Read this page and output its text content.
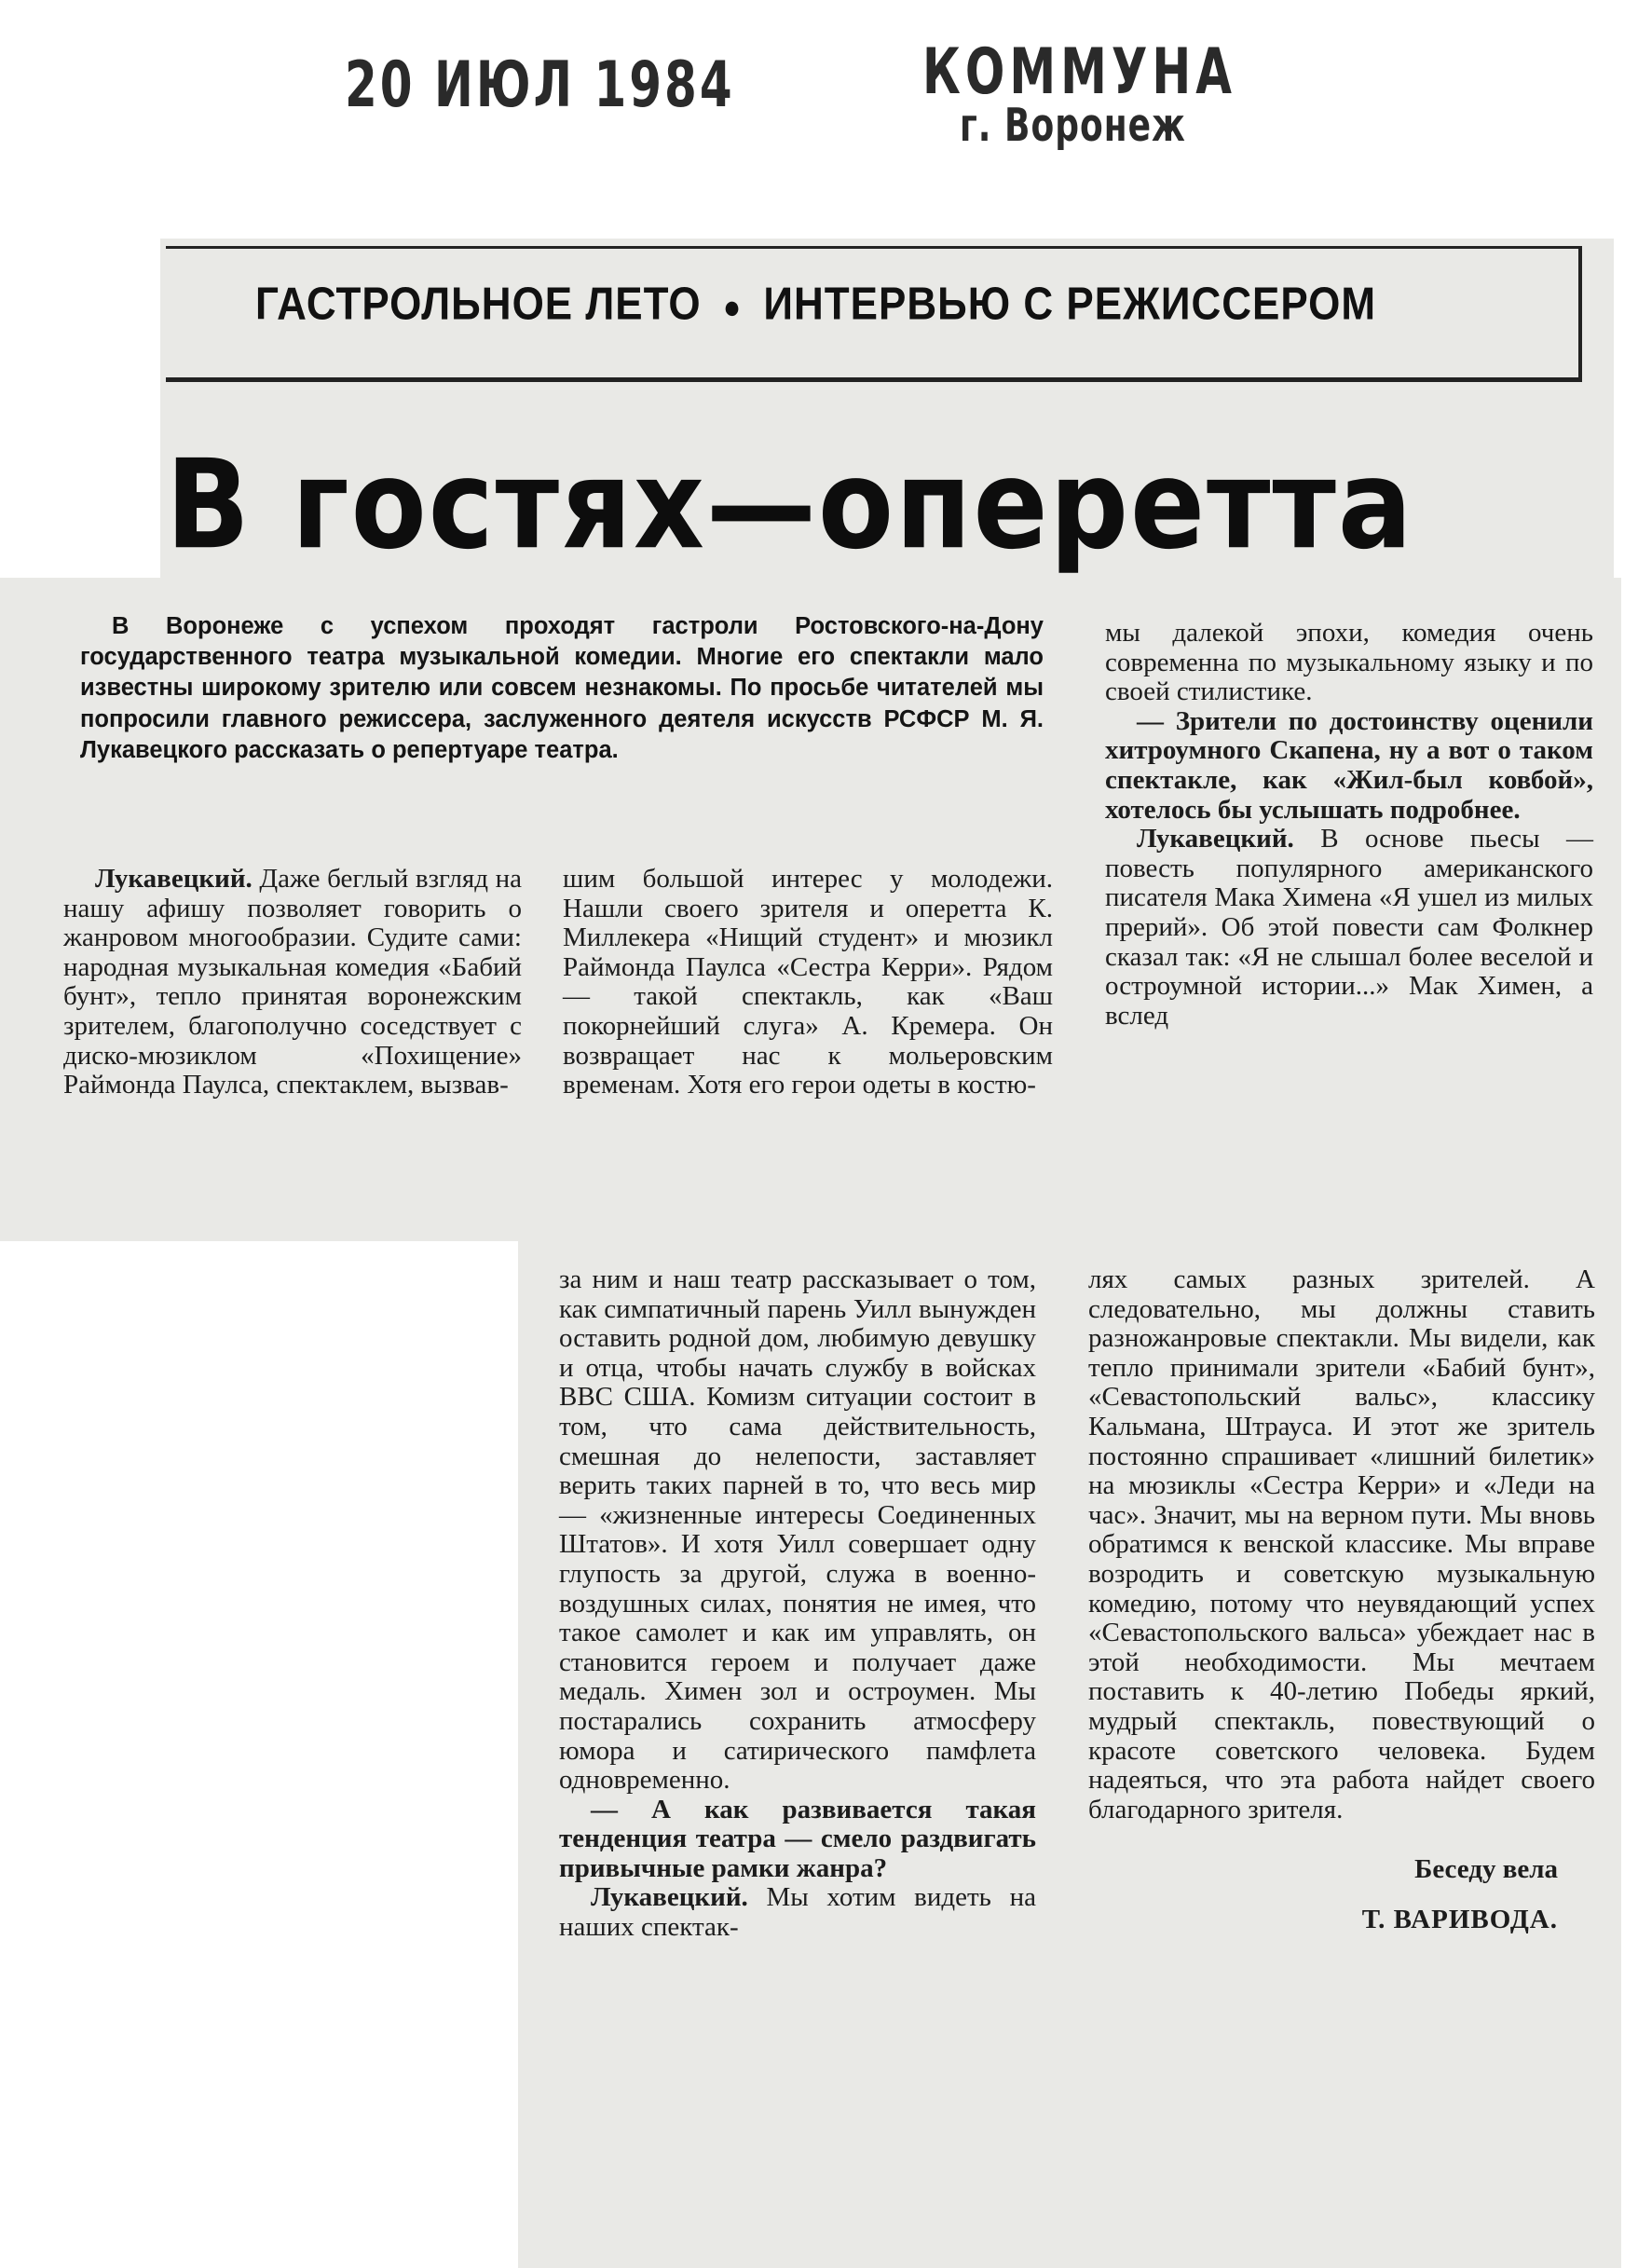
20 ИЮЛ 1984	КОММУНА
г. Воронеж
ГАСТРОЛЬНОЕ ЛЕТО ● ИНТЕРВЬЮ С РЕЖИССЕРОМ
В гостях—оперетта

В Воронеже с успехом проходят гастроли Ростовского-на-Дону государственного театра музыкальной комедии. Многие его спектакли мало известны широкому зрителю или совсем незнакомы. По просьбе читателей мы попросили главного режиссера, заслуженного деятеля искусств РСФСР М. Я. Лукавецкого рассказать о репертуаре театра.

Лукавецкий. Даже беглый взгляд на нашу афишу позволяет говорить о жанровом многообразии. Судите сами: народная музыкальная комедия «Бабий бунт», тепло принятая воронежским зрителем, благополучно соседствует с диско-мюзиклом «Похищение» Раймонда Паулса, спектаклем, вызвав-

шим большой интерес у молодежи. Нашли своего зрителя и оперетта К. Миллекера «Нищий студент» и мюзикл Раймонда Паулса «Сестра Керри». Рядом — такой спектакль, как «Ваш покорнейший слуга» А. Кремера. Он возвращает нас к мольеровским временам. Хотя его герои одеты в костю-

мы далекой эпохи, комедия очень современна по музыкальному языку и по своей стилистике.

— Зрители по достоинству оценили хитроумного Скапена, ну а вот о таком спектакле, как «Жил-был ковбой», хотелось бы услышать подробнее.

Лукавецкий. В основе пьесы — повесть популярного американского писателя Мака Химена «Я ушел из милых прерий». Об этой повести сам Фолкнер сказал так: «Я не слышал более веселой и остроумной истории...» Мак Химен, а вслед

за ним и наш театр рассказывает о том, как симпатичный парень Уилл вынужден оставить родной дом, любимую девушку и отца, чтобы начать службу в войсках ВВС США. Комизм ситуации состоит в том, что сама действительность, смешная до нелепости, заставляет верить таких парней в то, что весь мир — «жизненные интересы Соединенных Штатов». И хотя Уилл совершает одну глупость за другой, служа в военно-воздушных силах, понятия не имея, что такое самолет и как им управлять, он становится героем и получает даже медаль. Химен зол и остроумен. Мы постарались сохранить атмосферу юмора и сатирического памфлета одновременно.

— А как развивается такая тенденция театра — смело раздвигать привычные рамки жанра?

Лукавецкий. Мы хотим видеть на наших спектак-

лях самых разных зрителей. А следовательно, мы должны ставить разножанровые спектакли. Мы видели, как тепло принимали зрители «Бабий бунт», «Севастопольский вальс», классику Кальмана, Штрауса. И этот же зритель постоянно спрашивает «лишний билетик» на мюзиклы «Сестра Керри» и «Леди на час». Значит, мы на верном пути. Мы вновь обратимся к венской классике. Мы вправе возродить и советскую музыкальную комедию, потому что неувядающий успех «Севастопольского вальса» убеждает нас в этой необходимости. Мы мечтаем поставить к 40-летию Победы яркий, мудрый спектакль, повествующий о красоте советского человека. Будем надеяться, что эта работа найдет своего благодарного зрителя.

Беседу вела
Т. ВАРИВОДА.
